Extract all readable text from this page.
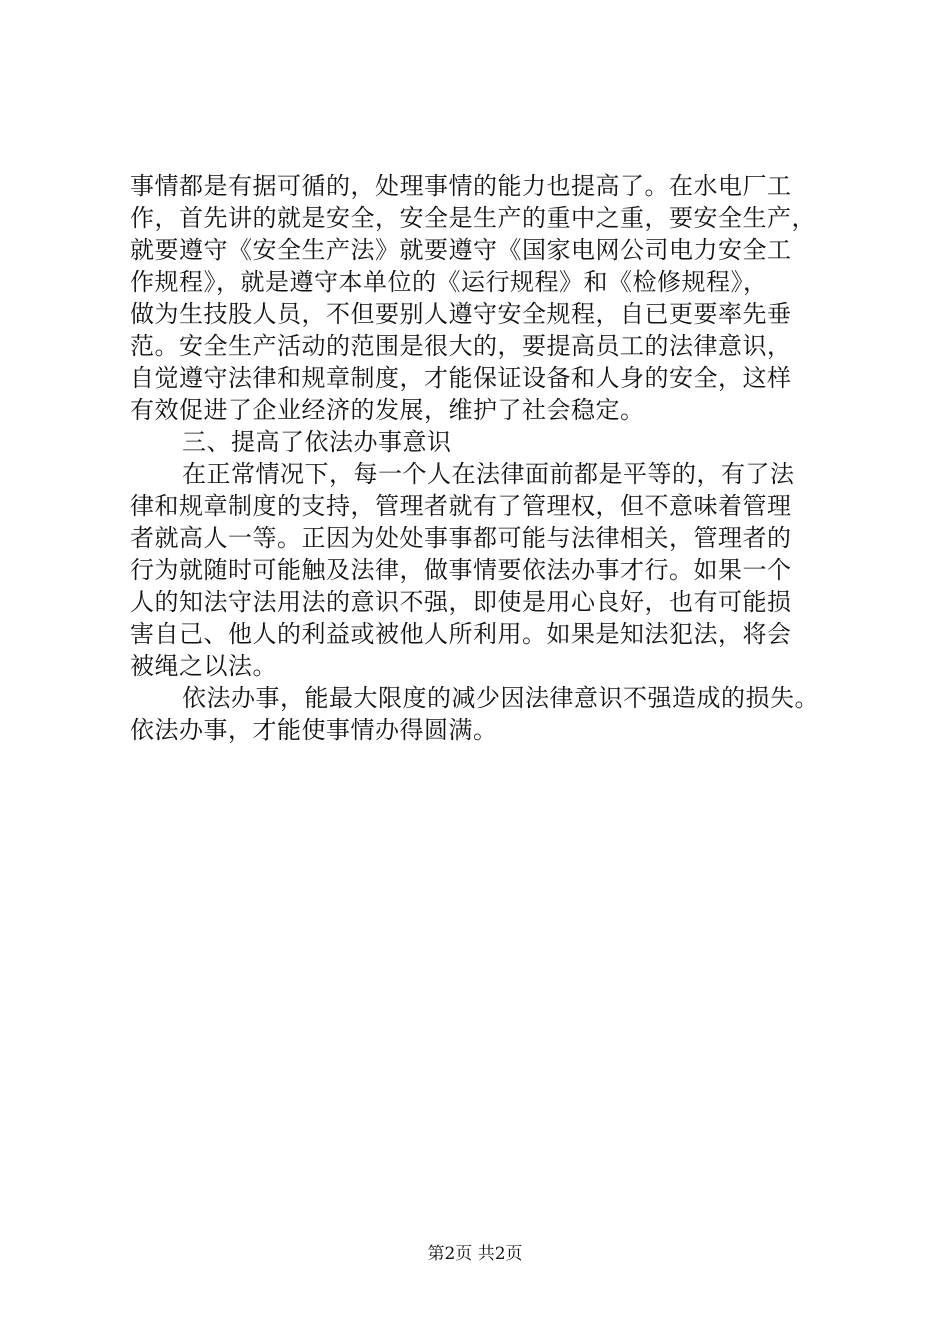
事情都是有据可循的，处理事情的能力也提高了。在水电厂工
作，首先讲的就是安全，安全是生产的重中之重，要安全生产，
就要遵守《安全生产法》就要遵守《国家电网公司电力安全工
作规程》，就是遵守本单位的《运行规程》和《检修规程》，
做为生技股人员，不但要别人遵守安全规程，自已更要率先垂
范。安全生产活动的范围是很大的，要提高员工的法律意识，
自觉遵守法律和规章制度，才能保证设备和人身的安全，这样
有效促进了企业经济的发展，维护了社会稳定。
三、提高了依法办事意识
在正常情况下，每一个人在法律面前都是平等的，有了法
律和规章制度的支持，管理者就有了管理权，但不意味着管理
者就高人一等。正因为处处事事都可能与法律相关，管理者的
行为就随时可能触及法律，做事情要依法办事才行。如果一个
人的知法守法用法的意识不强，即使是用心良好，也有可能损
害自己、他人的利益或被他人所利用。如果是知法犯法，将会
被绳之以法。
依法办事，能最大限度的减少因法律意识不强造成的损失。
依法办事，才能使事情办得圆满。
第2页 共2页
